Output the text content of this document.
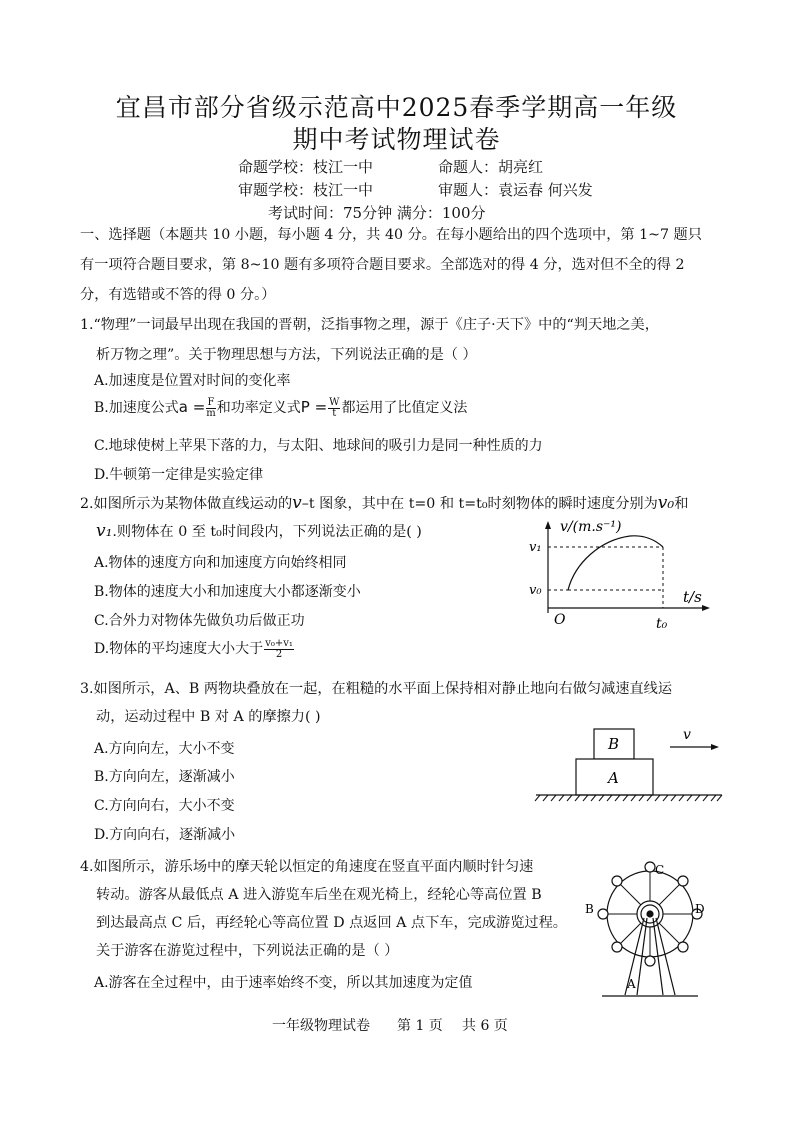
宜昌市部分省级示范高中2025春季学期高一年级
期中考试物理试卷
命题学校：枝江一中	命题人：胡亮红
审题学校：枝江一中	审题人：袁运春 何兴发
考试时间：75分钟 满分：100分
一、选择题（本题共 10 小题，每小题 4 分，共 40 分。在每小题给出的四个选项中，第 1~7 题只
有一项符合题目要求，第 8~10 题有多项符合题目要求。全部选对的得 4 分，选对但不全的得 2
分，有选错或不答的得 0 分。）
1.“物理”一词最早出现在我国的晋朝，泛指事物之理，源于《庄子·天下》中的“判天地之美，
析万物之理”。关于物理思想与方法，下列说法正确的是（ ）
A.加速度是位置对时间的变化率
B.加速度公式$a = \frac{F}{m}$ 和功率定义式$P = \frac{W}{t}$ 都运用了比值定义法
C.地球使树上苹果下落的力，与太阳、地球间的吸引力是同一种性质的力
D.牛顿第一定律是实验定律
2.如图所示为某物体做直线运动的v–t 图象，其中在 t=0 和 t=t₀时刻物体的瞬时速度分别为v₀和
v₁.则物体在 0 至 t₀时间段内，下列说法正确的是( )
A.物体的速度方向和加速度方向始终相同
B.物体的速度大小和加速度大小都逐渐变小
C.合外力对物体先做负功后做正功
D.物体的平均速度大小大于 $\frac{\text{v₀+v₁}}{2}$
v/(m.s⁻¹)
t/s
v₁
v₀
O	t₀
3.如图所示，A、B 两物块叠放在一起，在粗糙的水平面上保持相对静止地向右做匀减速直线运
动，运动过程中 B 对 A 的摩擦力( )
A.方向向左，大小不变
B.方向向左，逐渐减小
C.方向向右，大小不变
D.方向向右，逐渐减小
B
A
v
4.如图所示，游乐场中的摩天轮以恒定的角速度在竖直平面内顺时针匀速
转动。游客从最低点 A 进入游览车后坐在观光椅上，经轮心等高位置 B
到达最高点 C 后，再经轮心等高位置 D 点返回 A 点下车，完成游览过程。
关于游客在游览过程中，下列说法正确的是（ ）
A.游客在全过程中，由于速率始终不变，所以其加速度为定值
C
B	D
A
一年级物理试卷 第 1 页 共 6 页
